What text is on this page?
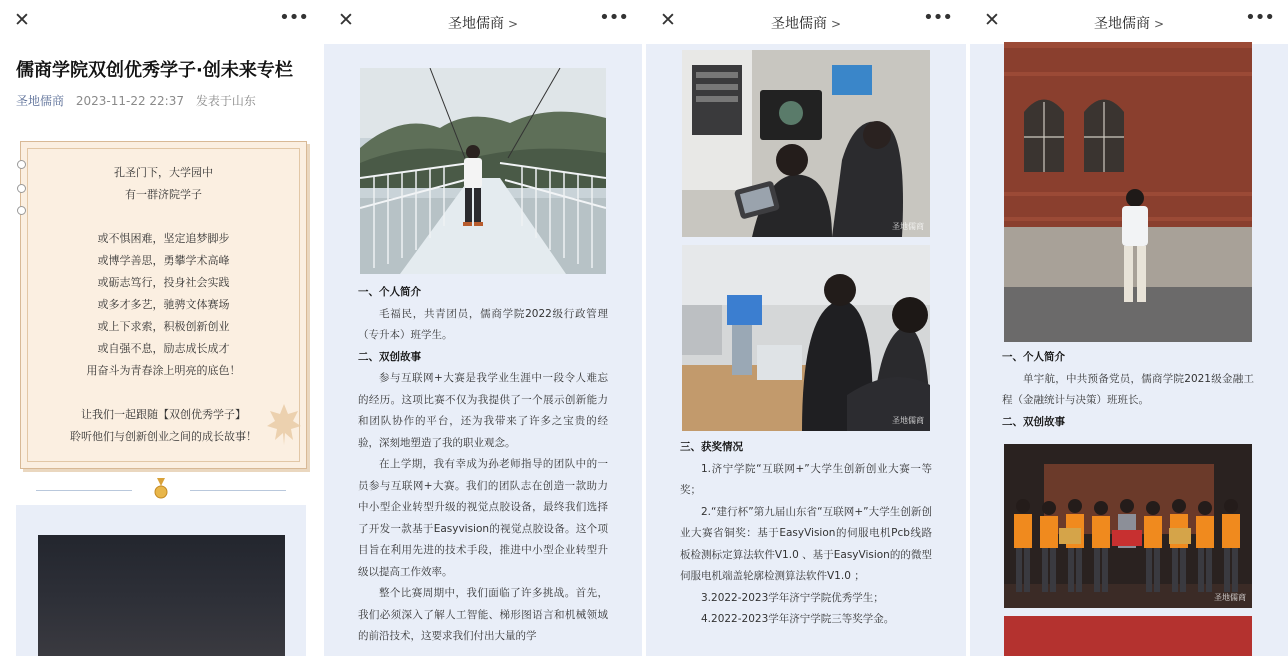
✕	•••
儒商学院双创优秀学子·创未来专栏
圣地儒商 2023-11-22 22:37 发表于山东
孔圣门下，大学园中
有一群济院学子
或不惧困难，坚定追梦脚步
或博学善思，勇攀学术高峰
或砺志笃行，投身社会实践
或多才多艺，驰骋文体赛场
或上下求索，积极创新创业
或自强不息，励志成长成才
用奋斗为青春涂上明亮的底色！
让我们一起跟随【双创优秀学子】
聆听他们与创新创业之间的成长故事！
✕	圣地儒商 >	•••
一、个人简介
毛福民，共青团员，儒商学院2022级行政管理（专升本）班学生。
二、双创故事
参与互联网+大赛是我学业生涯中一段令人难忘的经历。这项比赛不仅为我提供了一个展示创新能力和团队协作的平台，还为我带来了许多之宝贵的经验，深刻地塑造了我的职业观念。
在上学期，我有幸成为孙老师指导的团队中的一员参与互联网+大赛。我们的团队志在创造一款助力中小型企业转型升级的视觉点胶设备，最终我们选择了开发一款基于Easyvision的视觉点胶设备。这个项目旨在利用先进的技术手段，推进中小型企业转型升级以提高工作效率。
整个比赛周期中，我们面临了许多挑战。首先，我们必须深入了解人工智能、梯形图语言和机械领域的前沿技术，这要求我们付出大量的学
✕	圣地儒商 >	•••
圣地儒商
圣地儒商
三、获奖情况
1.济宁学院“互联网+”大学生创新创业大赛一等奖；
2.“建行杯”第九届山东省“互联网+”大学生创新创业大赛省铜奖：基于EasyVision的伺服电机Pcb线路板检测标定算法软件V1.0 、基于EasyVision的的微型伺服电机端盖轮廓检测算法软件V1.0 ；
3.2022-2023学年济宁学院优秀学生；
4.2022-2023学年济宁学院三等奖学金。
✕	圣地儒商 >	•••
一、个人简介
单宇航，中共预备党员，儒商学院2021级金融工程（金融统计与决策）班班长。
二、双创故事
圣地儒商
